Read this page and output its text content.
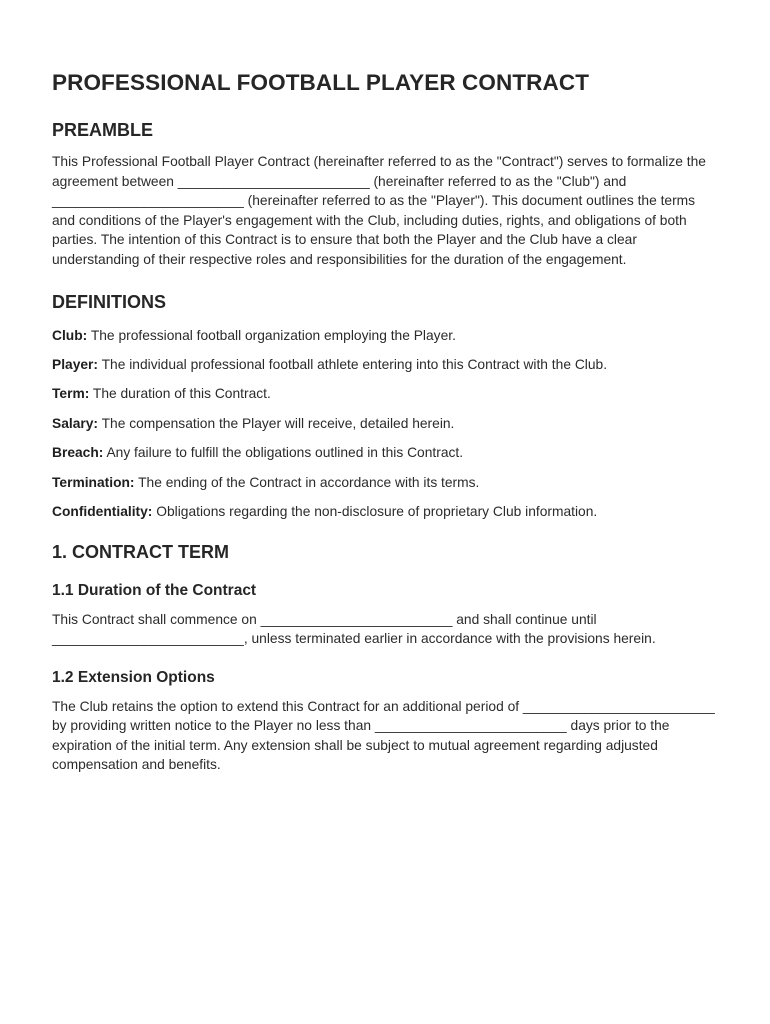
PROFESSIONAL FOOTBALL PLAYER CONTRACT
PREAMBLE

This Professional Football Player Contract (hereinafter referred to as the "Contract") serves to formalize the agreement between _________________________ (hereinafter referred to as the "Club") and _________________________ (hereinafter referred to as the "Player"). This document outlines the terms and conditions of the Player's engagement with the Club, including duties, rights, and obligations of both parties. The intention of this Contract is to ensure that both the Player and the Club have a clear understanding of their respective roles and responsibilities for the duration of the engagement.

DEFINITIONS
Club: The professional football organization employing the Player.
Player: The individual professional football athlete entering into this Contract with the Club.
Term: The duration of this Contract.
Salary: The compensation the Player will receive, detailed herein.
Breach: Any failure to fulfill the obligations outlined in this Contract.
Termination: The ending of the Contract in accordance with its terms.
Confidentiality: Obligations regarding the non-disclosure of proprietary Club information.
1. CONTRACT TERM
1.1 Duration of the Contract

This Contract shall commence on _________________________ and shall continue until _________________________, unless terminated earlier in accordance with the provisions herein.

1.2 Extension Options

The Club retains the option to extend this Contract for an additional period of _________________________ by providing written notice to the Player no less than _________________________ days prior to the expiration of the initial term. Any extension shall be subject to mutual agreement regarding adjusted compensation and benefits.
